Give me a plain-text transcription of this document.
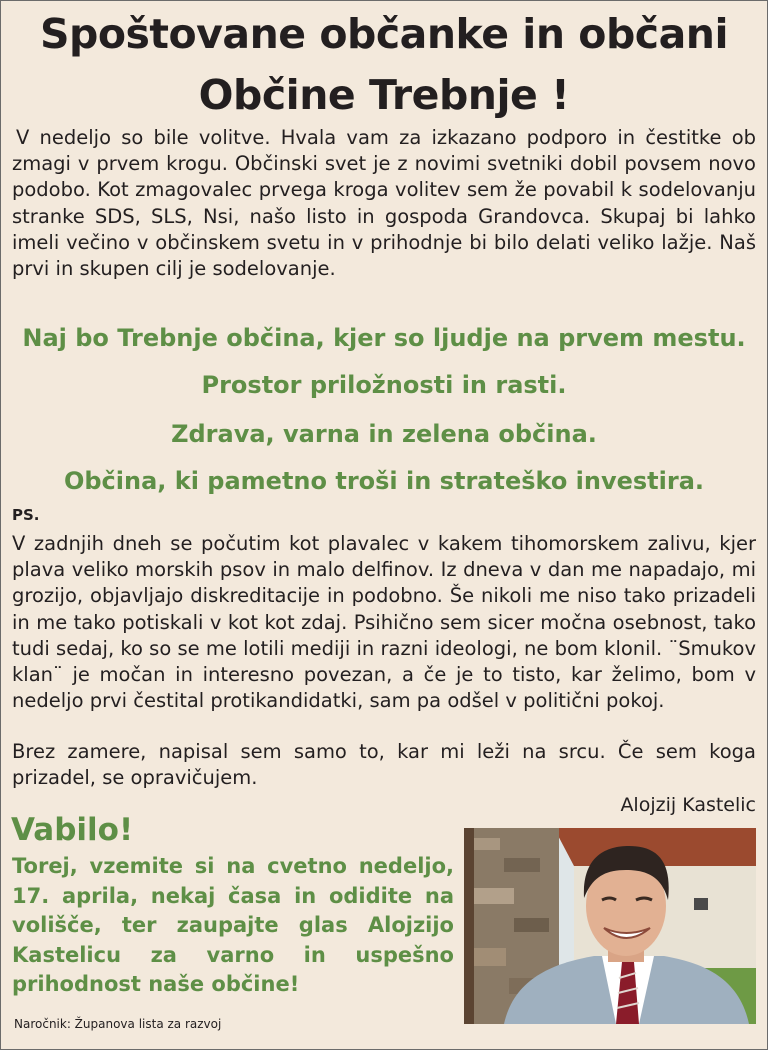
Spoštovane občanke in občani
Občine Trebnje !

V nedeljo so bile volitve. Hvala vam za izkazano podporo in čestitke ob zmagi v prvem krogu. Občinski svet je z novimi svetniki dobil povsem novo podobo. Kot zmagovalec prvega kroga volitev sem že povabil k sodelovanju stranke SDS, SLS, Nsi, našo listo in gospoda Grandovca. Skupaj bi lahko imeli večino v občinskem svetu in v prihodnje bi bilo delati veliko lažje. Naš prvi in skupen cilj je sodelovanje.

Naj bo Trebnje občina, kjer so ljudje na prvem mestu.
Prostor priložnosti in rasti.
Zdrava, varna in zelena občina.
Občina, ki pametno troši in strateško investira.
PS.

V zadnjih dneh se počutim kot plavalec v kakem tihomorskem zalivu, kjer plava veliko morskih psov in malo delfinov. Iz dneva v dan me napadajo, mi grozijo, objavljajo diskreditacije in podobno. Še nikoli me niso tako prizadeli in me tako potiskali v kot kot zdaj. Psihično sem sicer močna osebnost, tako tudi sedaj, ko so se me lotili mediji in razni ideologi, ne bom klonil. ¨Smukov klan¨ je močan in interesno povezan, a če je to tisto, kar želimo, bom v nedeljo prvi čestital protikandidatki, sam pa odšel v politični pokoj.

Brez zamere, napisal sem samo to, kar mi leži na srcu. Če sem koga prizadel, se opravičujem.

Alojzij Kastelic
Vabilo!
Torej, vzemite si na cvetno nedeljo, 17. aprila, nekaj časa in odidite na volišče, ter zaupajte glas Alojzijo Kastelicu za varno in uspešno prihodnost naše občine!
Naročnik: Županova lista za razvoj
